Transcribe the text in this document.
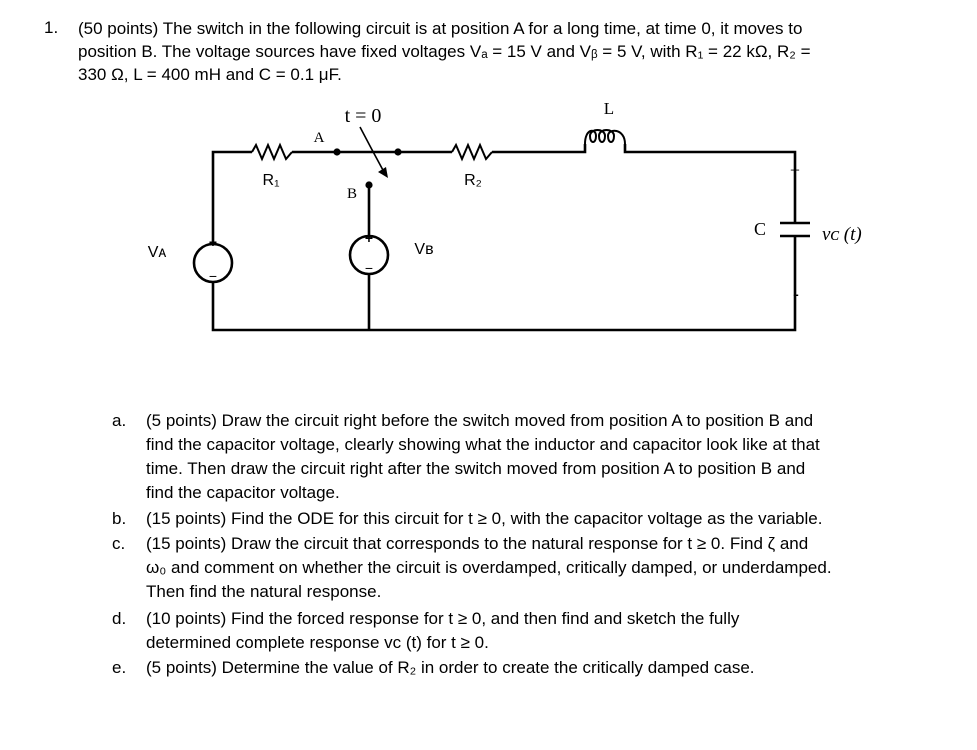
1. (50 points) The switch in the following circuit is at position A for a long time, at time 0, it moves to
position B. The voltage sources have fixed voltages Vₐ = 15 V and Vᵦ = 5 V, with R₁ = 22 kΩ, R₂ =
330 Ω, L = 400 mH and C = 0.1 μF.
+
−
+
−
t = 0
A
B
R₁	R₂
L
C	vᴄ (t)
+
-
Vᴀ	Vʙ
a. (5 points) Draw the circuit right before the switch moved from position A to position B and
find the capacitor voltage, clearly showing what the inductor and capacitor look like at that
time. Then draw the circuit right after the switch moved from position A to position B and
find the capacitor voltage.
b. (15 points) Find the ODE for this circuit for t ≥ 0, with the capacitor voltage as the variable.
c. (15 points) Draw the circuit that corresponds to the natural response for t ≥ 0. Find ζ and
ω₀ and comment on whether the circuit is overdamped, critically damped, or underdamped.
Then find the natural response.
d. (10 points) Find the forced response for t ≥ 0, and then find and sketch the fully
determined complete response vᴄ (t) for t ≥ 0.
e. (5 points) Determine the value of R₂ in order to create the critically damped case.
